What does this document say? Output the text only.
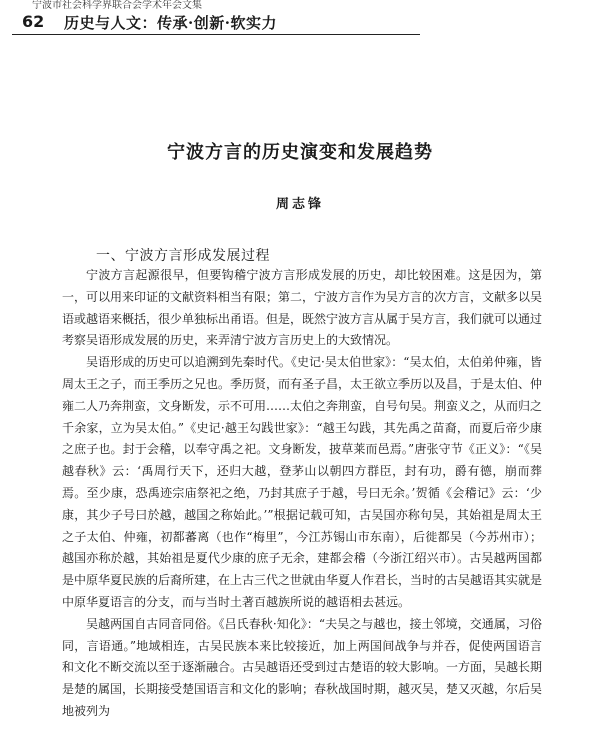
宁波市社会科学界联合会学术年会文集
62 历史与人文：传承·创新·软实力
宁波方言的历史演变和发展趋势
周志锋
一、宁波方言形成发展过程

宁波方言起源很早，但要钩稽宁波方言形成发展的历史，却比较困难。这是因为，第一，可以用来印证的文献资料相当有限；第二，宁波方言作为吴方言的次方言，文献多以吴语或越语来概括，很少单独标出甬语。但是，既然宁波方言从属于吴方言，我们就可以通过考察吴语形成发展的历史，来弄清宁波方言历史上的大致情况。

吴语形成的历史可以追溯到先秦时代。《史记·吴太伯世家》：“吴太伯，太伯弟仲雍，皆周太王之子，而王季历之兄也。季历贤，而有圣子昌，太王欲立季历以及昌，于是太伯、仲雍二人乃奔荆蛮，文身断发，示不可用……太伯之奔荆蛮，自号句吴。荆蛮义之，从而归之千余家，立为吴太伯。”《史记·越王勾践世家》：“越王勾践，其先禹之苗裔，而夏后帝少康之庶子也。封于会稽，以奉守禹之祀。文身断发，披草莱而邑焉。”唐张守节《正义》：“《吴越春秋》云：‘禹周行天下，还归大越，登茅山以朝四方群臣，封有功，爵有德，崩而葬焉。至少康，恐禹迹宗庙祭祀之绝，乃封其庶子于越，号曰无余。’贺循《会稽记》云：‘少康，其少子号曰於越，越国之称始此。’”根据记载可知，古吴国亦称句吴，其始祖是周太王之子太伯、仲雍，初都蕃离（也作“梅里”，今江苏锡山市东南），后徙都吴（今苏州市）；越国亦称於越，其始祖是夏代少康的庶子无余，建都会稽（今浙江绍兴市）。古吴越两国都是中原华夏民族的后裔所建，在上古三代之世就由华夏人作君长，当时的古吴越语其实就是中原华夏语言的分支，而与当时土著百越族所说的越语相去甚远。

吴越两国自古同音同俗。《吕氏春秋·知化》：“夫吴之与越也，接土邻境，交通属，习俗同，言语通。”地域相连，古吴民族本来比较接近，加上两国间战争与并吞，促使两国语言和文化不断交流以至于逐渐融合。古吴越语还受到过古楚语的较大影响。一方面，吴越长期是楚的属国，长期接受楚国语言和文化的影响；春秋战国时期，越灭吴，楚又灭越，尔后吴地被列为
